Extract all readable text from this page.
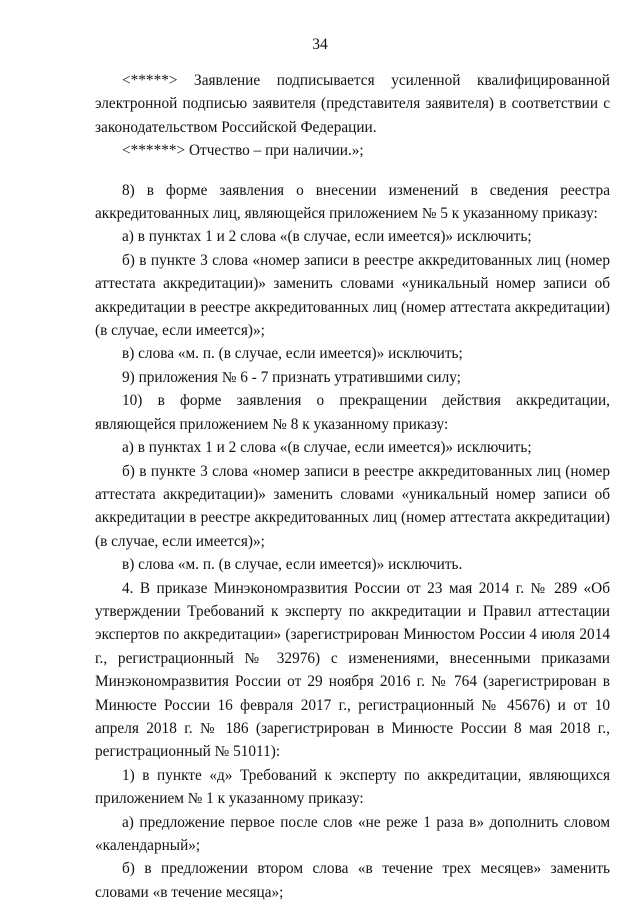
34

<*****> Заявление подписывается усиленной квалифицированной электронной подписью заявителя (представителя заявителя) в соответствии с законодательством Российской Федерации.

<******> Отчество – при наличии.»;

8) в форме заявления о внесении изменений в сведения реестра аккредитованных лиц, являющейся приложением № 5 к указанному приказу:

а) в пунктах 1 и 2 слова «(в случае, если имеется)» исключить;

б) в пункте 3 слова «номер записи в реестре аккредитованных лиц (номер аттестата аккредитации)» заменить словами «уникальный номер записи об аккредитации в реестре аккредитованных лиц (номер аттестата аккредитации) (в случае, если имеется)»;

в) слова «м. п. (в случае, если имеется)» исключить;

9) приложения № 6 - 7 признать утратившими силу;

10) в форме заявления о прекращении действия аккредитации, являющейся приложением № 8 к указанному приказу:

а) в пунктах 1 и 2 слова «(в случае, если имеется)» исключить;

б) в пункте 3 слова «номер записи в реестре аккредитованных лиц (номер аттестата аккредитации)» заменить словами «уникальный номер записи об аккредитации в реестре аккредитованных лиц (номер аттестата аккредитации) (в случае, если имеется)»;

в) слова «м. п. (в случае, если имеется)» исключить.

4. В приказе Минэкономразвития России от 23 мая 2014 г. № 289 «Об утверждении Требований к эксперту по аккредитации и Правил аттестации экспертов по аккредитации» (зарегистрирован Минюстом России 4 июля 2014 г., регистрационный № 32976) с изменениями, внесенными приказами Минэкономразвития России от 29 ноября 2016 г. № 764 (зарегистрирован в Минюсте России 16 февраля 2017 г., регистрационный № 45676) и от 10 апреля 2018 г. № 186 (зарегистрирован в Минюсте России 8 мая 2018 г., регистрационный № 51011):

1) в пункте «д» Требований к эксперту по аккредитации, являющихся приложением № 1 к указанному приказу:

а) предложение первое после слов «не реже 1 раза в» дополнить словом «календарный»;

б) в предложении втором слова «в течение трех месяцев» заменить словами «в течение месяца»;
